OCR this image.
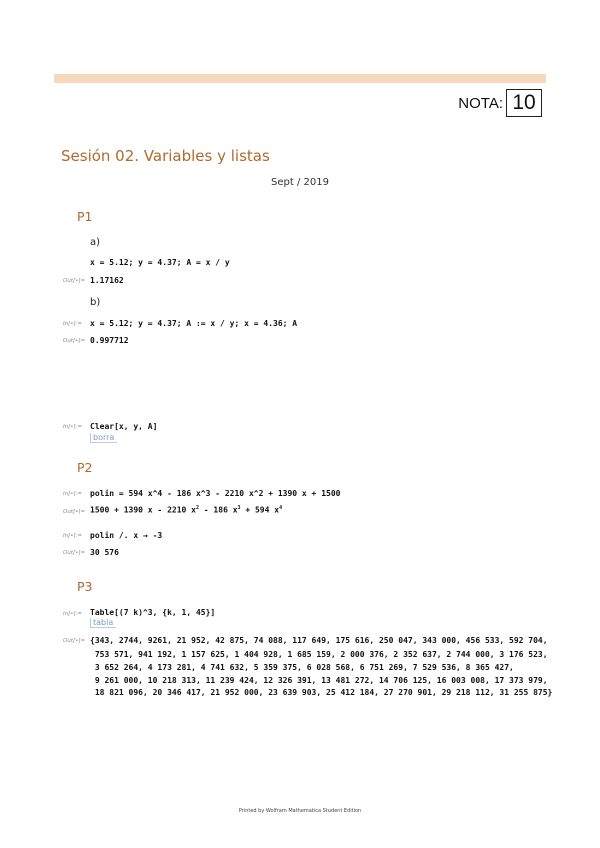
NOTA: 10
Sesión 02. Variables y listas
Sept / 2019
P1
a)
x = 5.12; y = 4.37; A = x / y
Out[•]= 1.17162
b)
In[•]:= x = 5.12; y = 4.37; A := x / y; x = 4.36; A
Out[•]= 0.997712
In[•]:= Clear[x, y, A]
borra
P2
In[•]:= polin = 594 x^4 - 186 x^3 - 2210 x^2 + 1390 x + 1500
Out[•]= 1500 + 1390 x - 2210 $x^2 - 186$ $x^3 + 594$ $x^4$
In[•]:= polin /. x → -3
Out[•]= 30 576
P3
In[•]:= Table[(7 k)^3, {k, 1, 45}]
tabla
Out[•]= {343, 2744, 9261, 21 952, 42 875, 74 088, 117 649, 175 616, 250 047, 343 000, 456 533, 592 704,
753 571, 941 192, 1 157 625, 1 404 928, 1 685 159, 2 000 376, 2 352 637, 2 744 000, 3 176 523,
3 652 264, 4 173 281, 4 741 632, 5 359 375, 6 028 568, 6 751 269, 7 529 536, 8 365 427,
9 261 000, 10 218 313, 11 239 424, 12 326 391, 13 481 272, 14 706 125, 16 003 008, 17 373 979,
18 821 096, 20 346 417, 21 952 000, 23 639 903, 25 412 184, 27 270 901, 29 218 112, 31 255 875}
Printed by Wolfram Mathematica Student Edition
